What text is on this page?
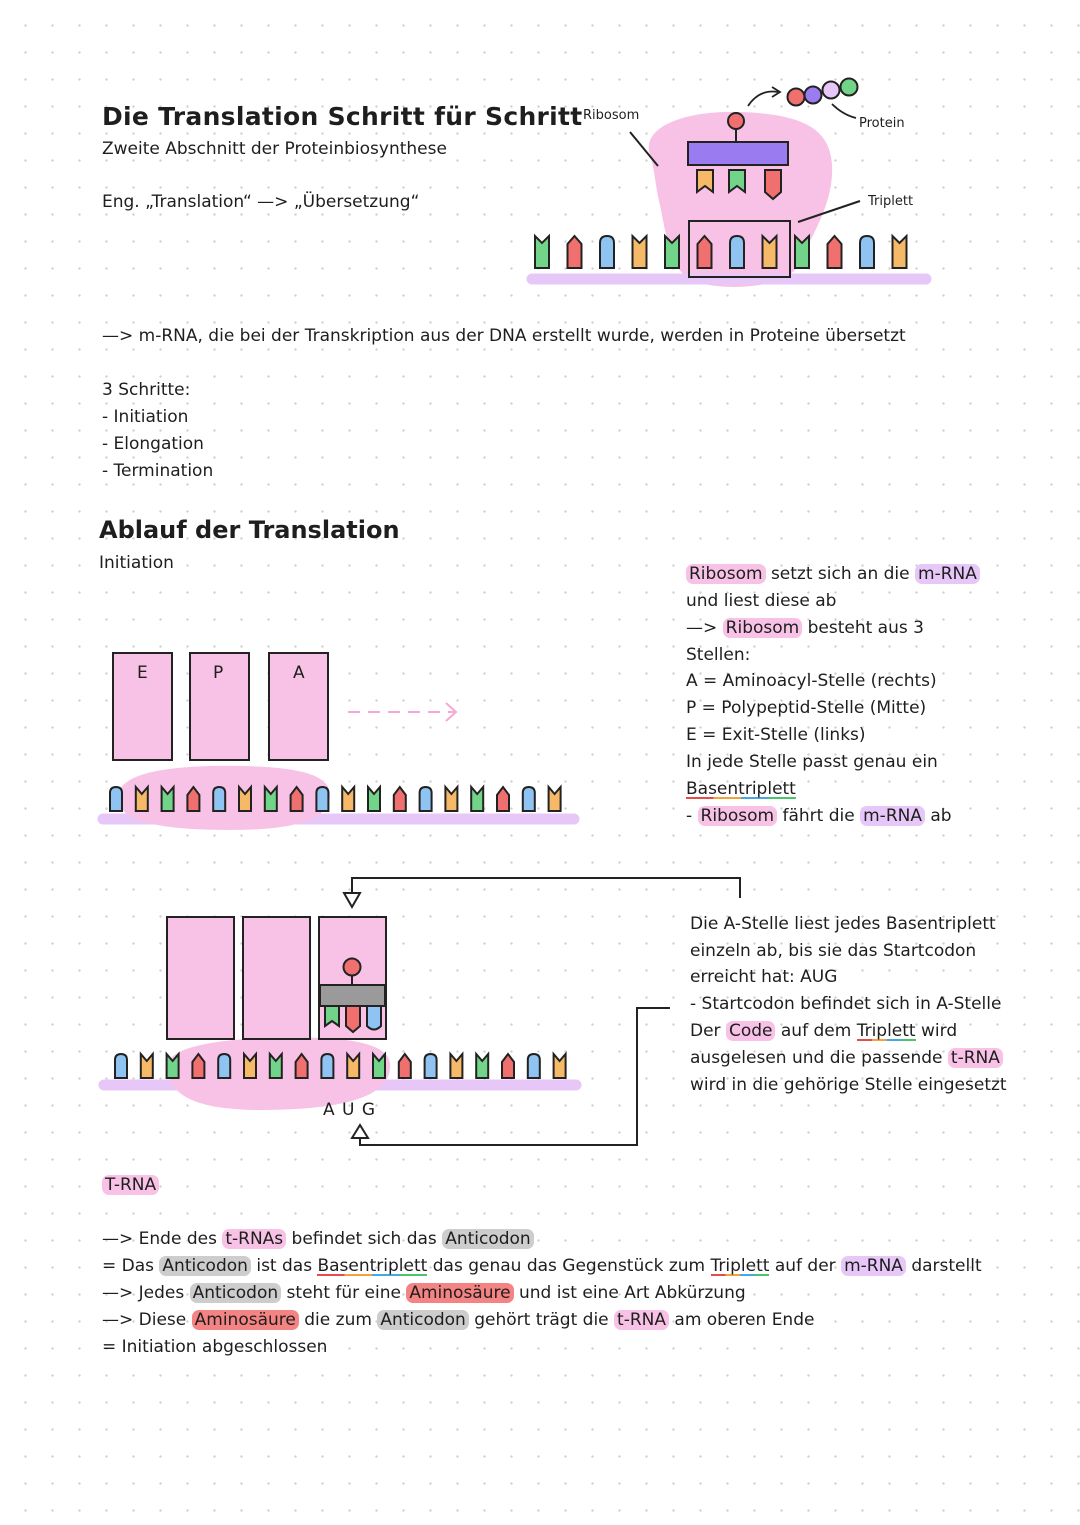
Die Translation Schritt für Schritt
Zweite Abschnitt der Proteinbiosynthese
Eng. „Translation“ —> „Übersetzung“
Ribosom
Protein
Triplett
—> m-RNA, die bei der Transkription aus der DNA erstellt wurde, werden in Proteine übersetzt
3 Schritte:
- Initiation
- Elongation
- Termination
Ablauf der Translation
Initiation
E	P	A
Ribosom setzt sich an die m-RNA
und liest diese ab
—> Ribosom besteht aus 3
Stellen:
A = Aminoacyl-Stelle (rechts)
P = Polypeptid-Stelle (Mitte)
E = Exit-Stelle (links)
In jede Stelle passt genau ein
Basentriplett
- Ribosom fährt die m-RNA ab
A U G
Die A-Stelle liest jedes Basentriplett
einzeln ab, bis sie das Startcodon
erreicht hat: AUG
- Startcodon befindet sich in A-Stelle
Der Code auf dem Triplett wird
ausgelesen und die passende t-RNA
wird in die gehörige Stelle eingesetzt
T-RNA
—> Ende des t-RNAs befindet sich das Anticodon
= Das Anticodon ist das Basentriplett das genau das Gegenstück zum Triplett auf der m-RNA darstellt
—> Jedes Anticodon steht für eine Aminosäure und ist eine Art Abkürzung
—> Diese Aminosäure die zum Anticodon gehört trägt die t-RNA am oberen Ende
= Initiation abgeschlossen
